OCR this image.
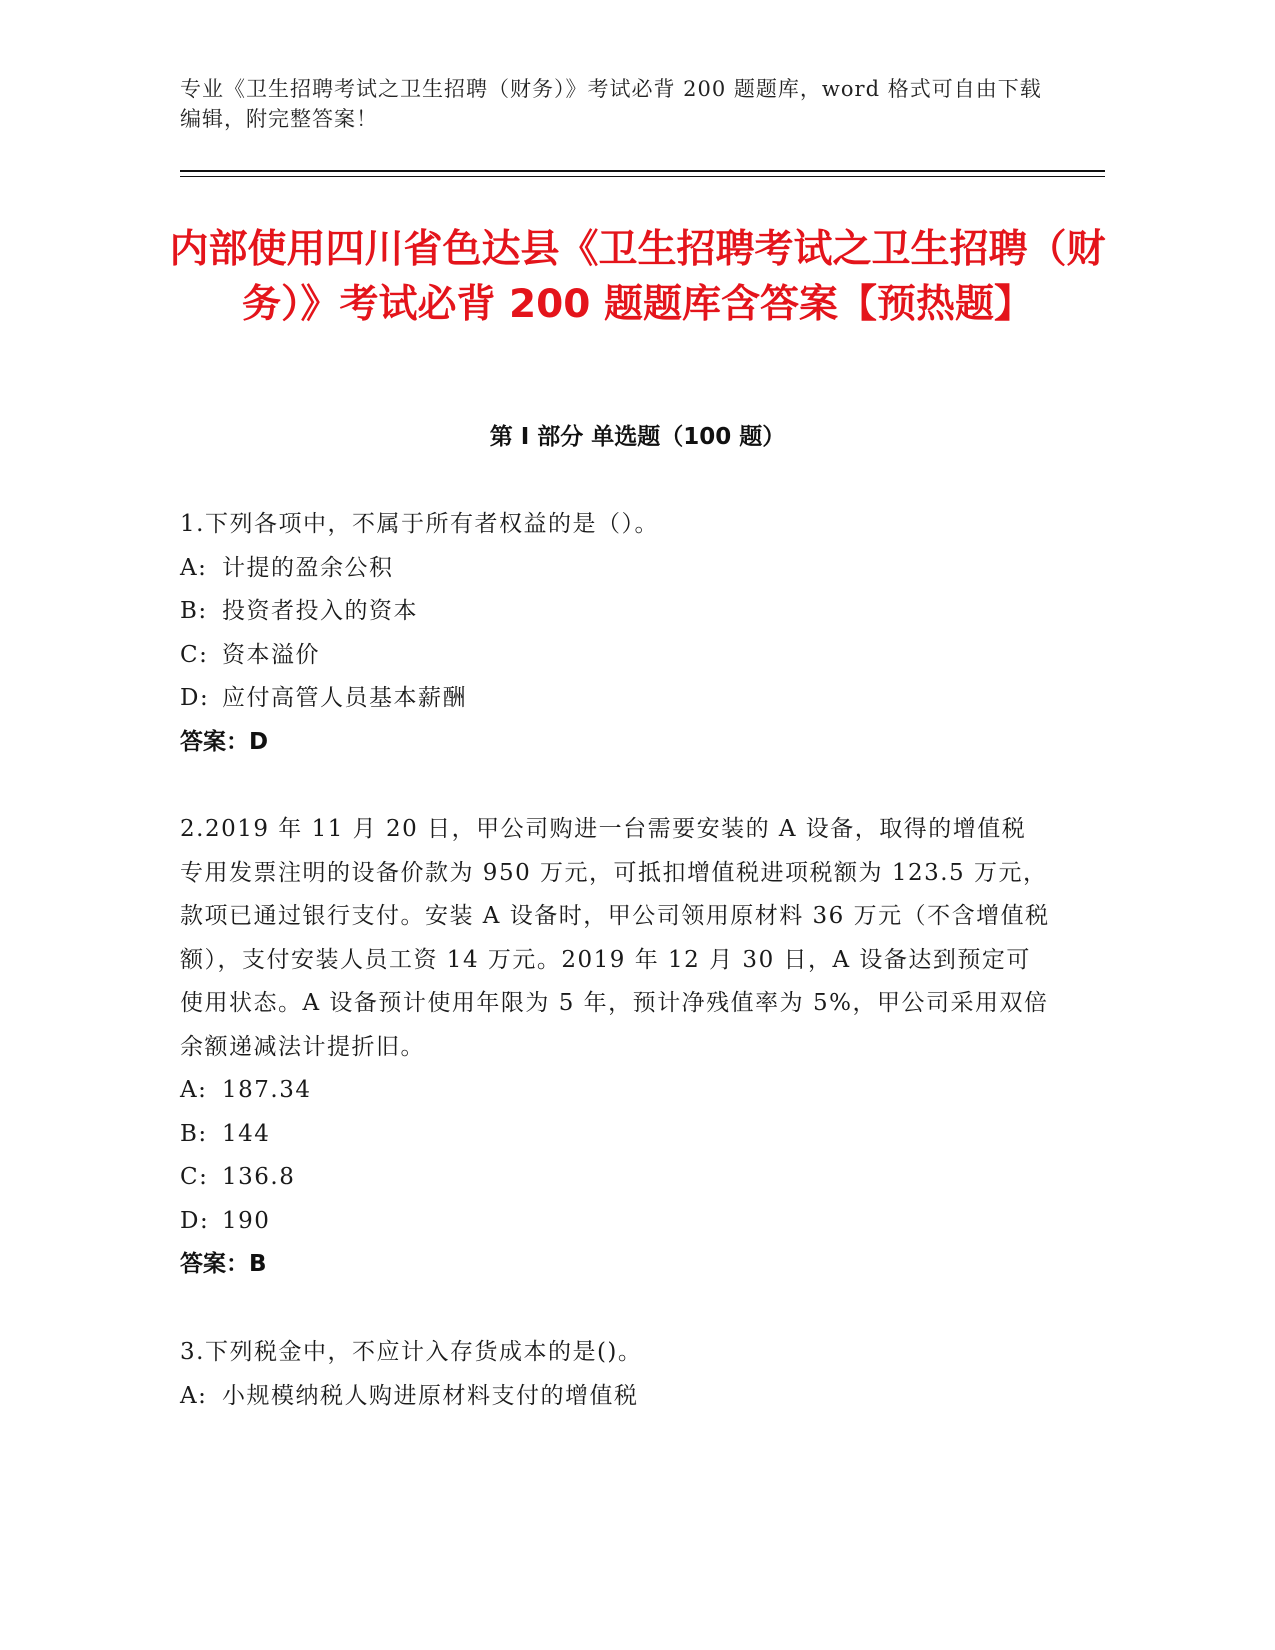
专业《卫生招聘考试之卫生招聘（财务）》考试必背 200 题题库，word 格式可自由下载编辑，附完整答案！
内部使用四川省色达县《卫生招聘考试之卫生招聘（财务）》考试必背 200 题题库含答案【预热题】
第 I 部分 单选题（100 题）

1.下列各项中，不属于所有者权益的是（）。

A: 计提的盈余公积

B: 投资者投入的资本

C: 资本溢价

D: 应付高管人员基本薪酬

答案：D

2.2019 年 11 月 20 日，甲公司购进一台需要安装的 A 设备，取得的增值税专用发票注明的设备价款为 950 万元，可抵扣增值税进项税额为 123.5 万元，款项已通过银行支付。安装 A 设备时，甲公司领用原材料 36 万元（不含增值税额），支付安装人员工资 14 万元。2019 年 12 月 30 日，A 设备达到预定可使用状态。A 设备预计使用年限为 5 年，预计净残值率为 5%，甲公司采用双倍余额递减法计提折旧。

A: 187.34

B: 144

C: 136.8

D: 190

答案：B

3.下列税金中，不应计入存货成本的是()。

A: 小规模纳税人购进原材料支付的增值税
